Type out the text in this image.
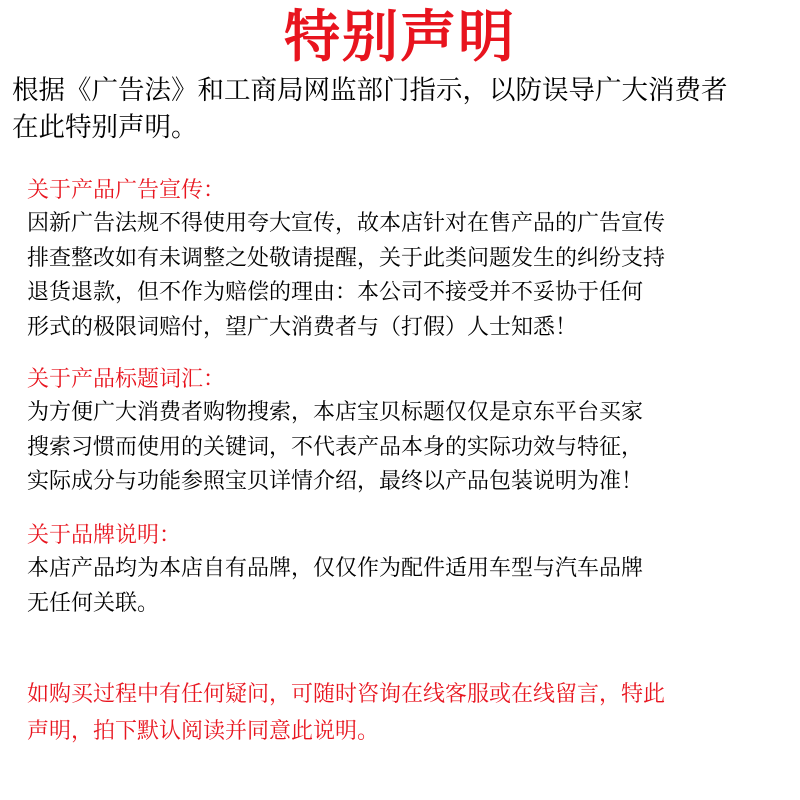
特别声明
根据《广告法》和工商局网监部门指示，以防误导广大消费者
在此特别声明。
关于产品广告宣传：
因新广告法规不得使用夸大宣传，故本店针对在售产品的广告宣传
排查整改如有未调整之处敬请提醒，关于此类问题发生的纠纷支持
退货退款，但不作为赔偿的理由：本公司不接受并不妥协于任何
形式的极限词赔付，望广大消费者与（打假）人士知悉！
关于产品标题词汇：
为方便广大消费者购物搜索，本店宝贝标题仅仅是京东平台买家
搜索习惯而使用的关键词，不代表产品本身的实际功效与特征，
实际成分与功能参照宝贝详情介绍，最终以产品包装说明为准！
关于品牌说明：
本店产品均为本店自有品牌，仅仅作为配件适用车型与汽车品牌
无任何关联。
如购买过程中有任何疑问，可随时咨询在线客服或在线留言，特此
声明，拍下默认阅读并同意此说明。
